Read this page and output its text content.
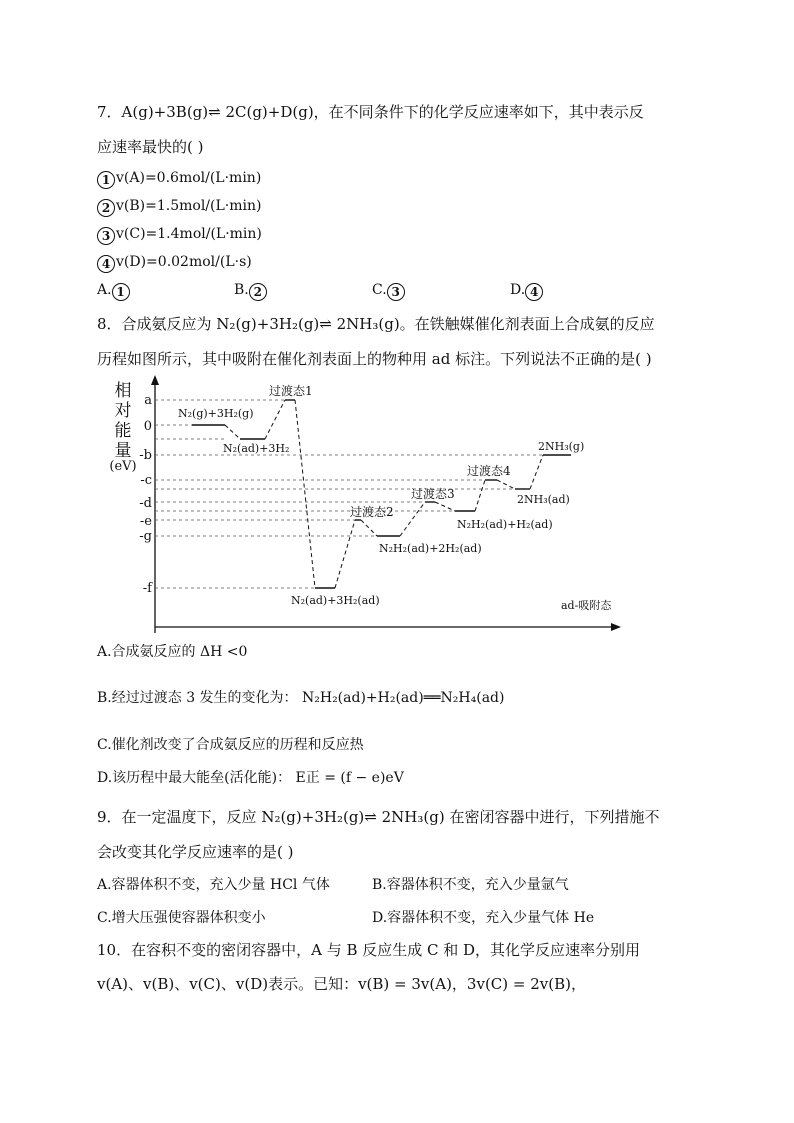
7．A(g)+3B(g)⇌ 2C(g)+D(g)，在不同条件下的化学反应速率如下，其中表示反
应速率最快的( )
1 v(A)=0.6mol/(L·min)
2 v(B)=1.5mol/(L·min)
3 v(C)=1.4mol/(L·min)
4 v(D)=0.02mol/(L·s)
A. 1	B. 2	C. 3	D. 4
8．合成氨反应为 N₂(g)+3H₂(g)⇌ 2NH₃(g)。在铁触媒催化剂表面上合成氨的反应
历程如图所示，其中吸附在催化剂表面上的物种用 ad 标注。下列说法不正确的是( )
相
对
能
量
(eV)
a
0
-b
-c
-d
-e
-g
-f
N₂(g)+3H₂(g)
N₂(ad)+3H₂
过渡态1
N₂(ad)+3H₂(ad)
过渡态2
N₂H₂(ad)+2H₂(ad)
过渡态3
N₂H₂(ad)+H₂(ad)
过渡态4
2NH₃(ad)
2NH₃(g)
ad-吸附态
A.合成氨反应的 ΔH <0
B.经过过渡态 3 发生的变化为： N₂H₂(ad)+H₂(ad)══N₂H₄(ad)
C.催化剂改变了合成氨反应的历程和反应热
D.该历程中最大能垒(活化能)： E正 = (f − e)eV
9．在一定温度下，反应 N₂(g)+3H₂(g)⇌ 2NH₃(g) 在密闭容器中进行，下列措施不
会改变其化学反应速率的是( )
A.容器体积不变，充入少量 HCl 气体	B.容器体积不变，充入少量氩气
C.增大压强使容器体积变小	D.容器体积不变，充入少量气体 He
10．在容积不变的密闭容器中，A 与 B 反应生成 C 和 D，其化学反应速率分别用
v(A)、v(B)、v(C)、v(D)表示。已知：v(B) = 3v(A)，3v(C) = 2v(B)，
